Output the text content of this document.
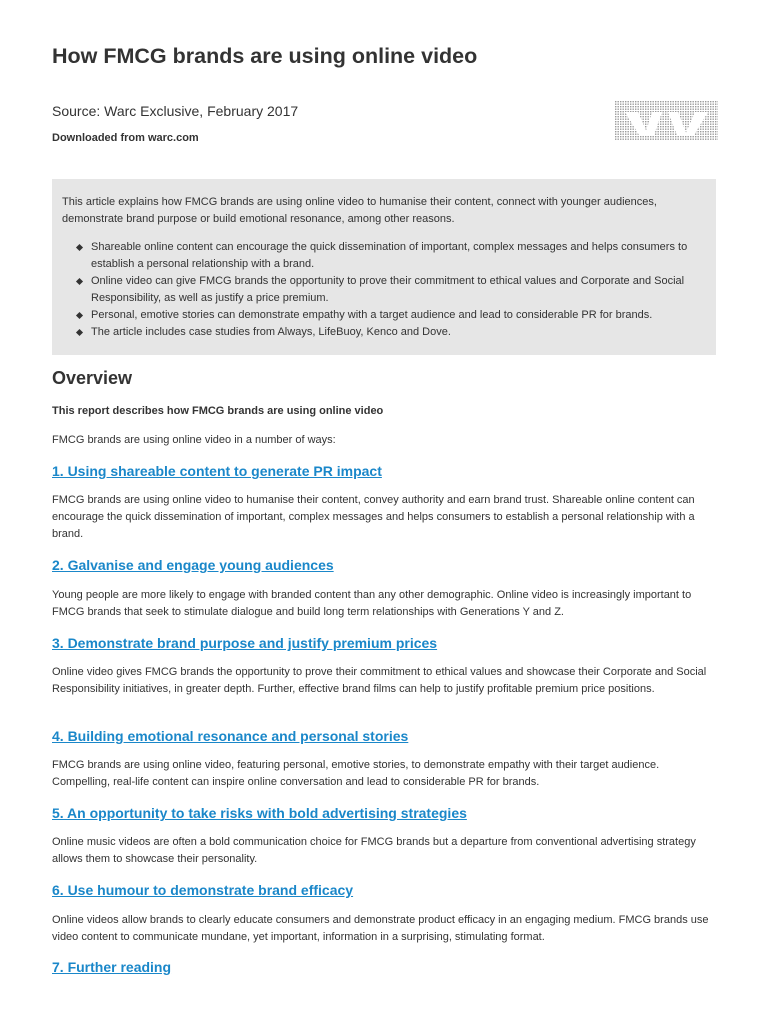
How FMCG brands are using online video
Source: Warc Exclusive, February 2017
Downloaded from warc.com

This article explains how FMCG brands are using online video to humanise their content, connect with younger audiences, demonstrate brand purpose or build emotional resonance, among other reasons.

Shareable online content can encourage the quick dissemination of important, complex messages and helps consumers to establish a personal relationship with a brand.
Online video can give FMCG brands the opportunity to prove their commitment to ethical values and Corporate and Social Responsibility, as well as justify a price premium.
Personal, emotive stories can demonstrate empathy with a target audience and lead to considerable PR for brands.
The article includes case studies from Always, LifeBuoy, Kenco and Dove.
Overview
This report describes how FMCG brands are using online video
FMCG brands are using online video in a number of ways:
1. Using shareable content to generate PR impact
FMCG brands are using online video to humanise their content, convey authority and earn brand trust. Shareable online content can encourage the quick dissemination of important, complex messages and helps consumers to establish a personal relationship with a brand.
2. Galvanise and engage young audiences
Young people are more likely to engage with branded content than any other demographic. Online video is increasingly important to FMCG brands that seek to stimulate dialogue and build long term relationships with Generations Y and Z.
3. Demonstrate brand purpose and justify premium prices
Online video gives FMCG brands the opportunity to prove their commitment to ethical values and showcase their Corporate and Social Responsibility initiatives, in greater depth. Further, effective brand films can help to justify profitable premium price positions.
4. Building emotional resonance and personal stories
FMCG brands are using online video, featuring personal, emotive stories, to demonstrate empathy with their target audience. Compelling, real-life content can inspire online conversation and lead to considerable PR for brands.
5. An opportunity to take risks with bold advertising strategies
Online music videos are often a bold communication choice for FMCG brands but a departure from conventional advertising strategy allows them to showcase their personality.
6. Use humour to demonstrate brand efficacy
Online videos allow brands to clearly educate consumers and demonstrate product efficacy in an engaging medium. FMCG brands use video content to communicate mundane, yet important, information in a surprising, stimulating format.
7. Further reading
